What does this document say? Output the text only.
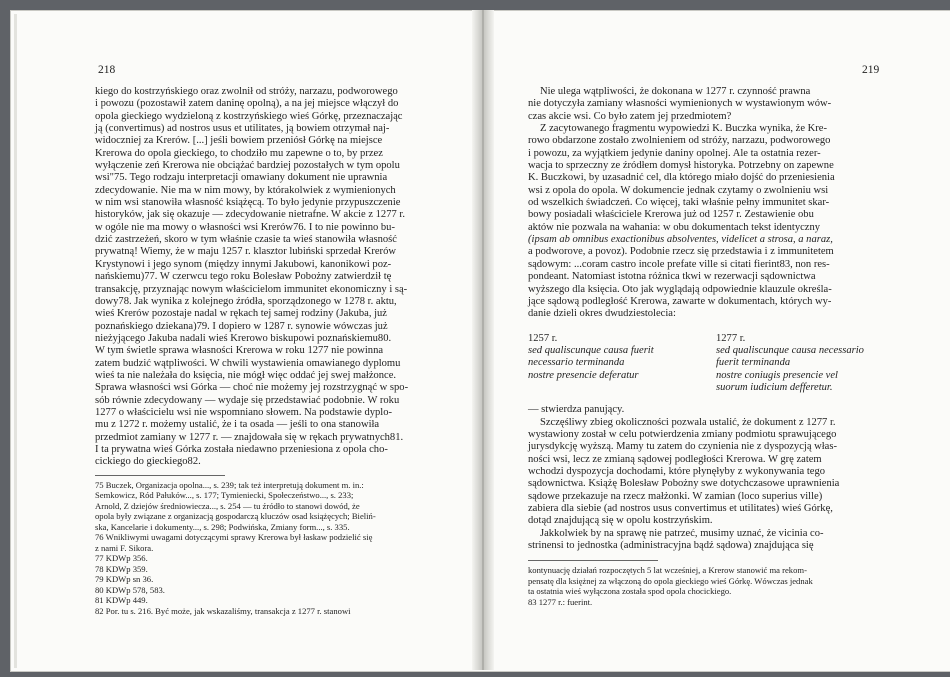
218	219

kiego do kostrzyńskiego oraz zwolnił od stróży, narzazu, podworowego

i powozu (pozostawił zatem daninę opolną), a na jej miejsce włączył do

opola gieckiego wydzieloną z kostrzyńskiego wieś Górkę, przeznaczając

ją (convertimus) ad nostros usus et utilitates, ją bowiem otrzymał naj-

widoczniej za Krerów. [...] jeśli bowiem przeniósł Górkę na miejsce

Krerowa do opola gieckiego, to chodziło mu zapewne o to, by przez

wyłączenie zeń Krerowa nie obciążać bardziej pozostałych w tym opolu

wsi"75. Tego rodzaju interpretacji omawiany dokument nie uprawnia

zdecydowanie. Nie ma w nim mowy, by którakolwiek z wymienionych

w nim wsi stanowiła własność książęcą. To było jedynie przypuszczenie

historyków, jak się okazuje — zdecydowanie nietrafne. W akcie z 1277 r.

w ogóle nie ma mowy o własności wsi Krerów76. I to nie powinno bu-

dzić zastrzeżeń, skoro w tym właśnie czasie ta wieś stanowiła własność

prywatną! Wiemy, że w maju 1257 r. klasztor lubiński sprzedał Krerów

Krystynowi i jego synom (między innymi Jakubowi, kanonikowi poz-

nańskiemu)77. W czerwcu tego roku Bolesław Pobożny zatwierdził tę

transakcję, przyznając nowym właścicielom immunitet ekonomiczny i są-

dowy78. Jak wynika z kolejnego źródła, sporządzonego w 1278 r. aktu,

wieś Krerów pozostaje nadal w rękach tej samej rodziny (Jakuba, już

poznańskiego dziekana)79. I dopiero w 1287 r. synowie wówczas już

nieżyjącego Jakuba nadali wieś Krerowo biskupowi poznańskiemu80.

W tym świetle sprawa własności Krerowa w roku 1277 nie powinna

zatem budzić wątpliwości. W chwili wystawienia omawianego dyplomu

wieś ta nie należała do księcia, nie mógł więc oddać jej swej małżonce.

Sprawa własności wsi Górka — choć nie możemy jej rozstrzygnąć w spo-

sób równie zdecydowany — wydaje się przedstawiać podobnie. W roku

1277 o właścicielu wsi nie wspomniano słowem. Na podstawie dyplo-

mu z 1272 r. możemy ustalić, że i ta osada — jeśli to ona stanowiła

przedmiot zamiany w 1277 r. — znajdowała się w rękach prywatnych81.

I ta prywatna wieś Górka została niedawno przeniesiona z opola cho-

cickiego do gieckiego82.

75 Buczek, Organizacja opolna..., s. 239; tak też interpretują dokument m. in.:

Semkowicz, Ród Pałuków..., s. 177; Tymieniecki, Społeczeństwo..., s. 233;

Arnold, Z dziejów średniowiecza..., s. 254 — tu źródło to stanowi dowód, że

opola były związane z organizacją gospodarczą kluczów osad książęcych; Bieliń-

ska, Kancelarie i dokumenty..., s. 298; Podwińska, Zmiany form..., s. 335.

76 Wnikliwymi uwagami dotyczącymi sprawy Krerowa był łaskaw podzielić się

z nami F. Sikora.

77 KDWp 356.

78 KDWp 359.

79 KDWp sn 36.

80 KDWp 578, 583.

81 KDWp 449.

82 Por. tu s. 216. Być może, jak wskazaliśmy, transakcja z 1277 r. stanowi

Nie ulega wątpliwości, że dokonana w 1277 r. czynność prawna

nie dotyczyła zamiany własności wymienionych w wystawionym wów-

czas akcie wsi. Co było zatem jej przedmiotem?

Z zacytowanego fragmentu wypowiedzi K. Buczka wynika, że Kre-

rowo obdarzone zostało zwolnieniem od stróży, narzazu, podworowego

i powozu, za wyjątkiem jedynie daniny opolnej. Ale ta ostatnia rezer-

wacja to sprzeczny ze źródłem domysł historyka. Potrzebny on zapewne

K. Buczkowi, by uzasadnić cel, dla którego miało dojść do przeniesienia

wsi z opola do opola. W dokumencie jednak czytamy o zwolnieniu wsi

od wszelkich świadczeń. Co więcej, taki właśnie pełny immunitet skar-

bowy posiadali właściciele Krerowa już od 1257 r. Zestawienie obu

aktów nie pozwala na wahania: w obu dokumentach tekst identyczny

(ipsam ab omnibus exactionibus absolventes, videlicet a strosa, a naraz,

a podworove, a povoz). Podobnie rzecz się przedstawia i z immunitetem

sądowym: ...coram castro incole prefate ville si citati fierint83, non res-

pondeant. Natomiast istotna różnica tkwi w rezerwacji sądownictwa

wyższego dla księcia. Oto jak wyglądają odpowiednie klauzule określa-

jące sądową podległość Krerowa, zawarte w dokumentach, których wy-

danie dzieli okres dwudziestolecia:

1257 r.

sed qualiscunque causa fuerit

necessario terminanda

nostre presencie deferatur

1277 r.

sed qualiscunque causa necessario

fuerit terminanda

nostre coniugis presencie vel

suorum iudicium defferetur.

— stwierdza panujący.

Szczęśliwy zbieg okoliczności pozwala ustalić, że dokument z 1277 r.

wystawiony został w celu potwierdzenia zmiany podmiotu sprawującego

jurysdykcję wyższą. Mamy tu zatem do czynienia nie z dyspozycją włas-

ności wsi, lecz ze zmianą sądowej podległości Krerowa. W grę zatem

wchodzi dyspozycja dochodami, które płynęłyby z wykonywania tego

sądownictwa. Książę Bolesław Pobożny swe dotychczasowe uprawnienia

sądowe przekazuje na rzecz małżonki. W zamian (loco superius ville)

zabiera dla siebie (ad nostros usus convertimus et utilitates) wieś Górkę,

dotąd znajdującą się w opolu kostrzyńskim.

Jakkolwiek by na sprawę nie patrzeć, musimy uznać, że vicinia co-

strinensi to jednostka (administracyjna bądź sądowa) znajdująca się

kontynuację działań rozpoczętych 5 lat wcześniej, a Krerow stanowić ma rekom-

pensatę dla księżnej za włączoną do opola gieckiego wieś Górkę. Wówczas jednak

ta ostatnia wieś wyłączona została spod opola chocickiego.

83 1277 r.: fuerint.
